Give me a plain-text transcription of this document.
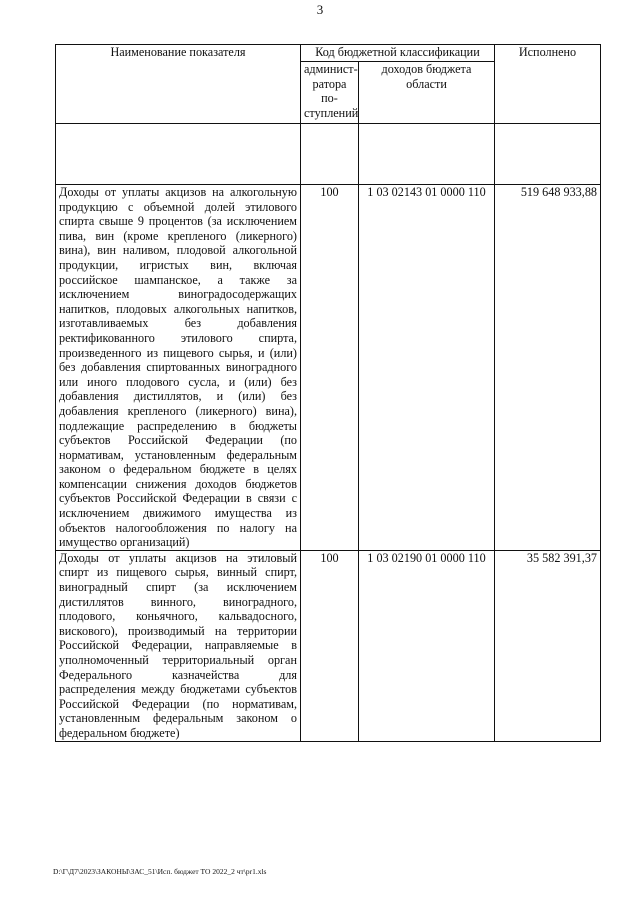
3
Наименование показателя	Код бюджетной классификации		Исполнено
	админист-ратора по-ступлений	доходов бюджета области	

Доходы от уплаты акцизов на алкогольную продукцию с объемной долей этилового спирта свыше 9 процентов (за исключением пива, вин (кроме крепленого (ликерного) вина), вин наливом, плодовой алкогольной продукции, игристых вин, включая российское шампанское, а также за исключением виноградосодержащих напитков, плодовых алкогольных напитков, изготавливаемых без добавления ректификованного этилового спирта, произведенного из пищевого сырья, и (или) без добавления спиртованных виноградного или иного плодового сусла, и (или) без добавления дистиллятов, и (или) без добавления крепленого (ликерного) вина), подлежащие распределению в бюджеты субъектов Российской Федерации (по нормативам, установленным федеральным законом о федеральном бюджете в целях компенсации снижения доходов бюджетов субъектов Российской Федерации в связи с исключением движимого имущества из объектов налогообложения по налогу на имущество организаций)	100	1 03 02143 01 0000 110	519 648 933,88
Доходы от уплаты акцизов на этиловый спирт из пищевого сырья, винный спирт, виноградный спирт (за исключением дистиллятов винного, виноградного, плодового, коньячного, кальвадосного, вискового), производимый на территории Российской Федерации, направляемые в уполномоченный территориальный орган Федерального казначейства для распределения между бюджетами субъектов Российской Федерации (по нормативам, установленным федеральным законом о федеральном бюджете)	100	1 03 02190 01 0000 110	35 582 391,37
D:\Г\Д7\2023\ЗАКОНЫ\ЗАС_51\Исп. бюджет ТО 2022_2 чт\pr1.xls
